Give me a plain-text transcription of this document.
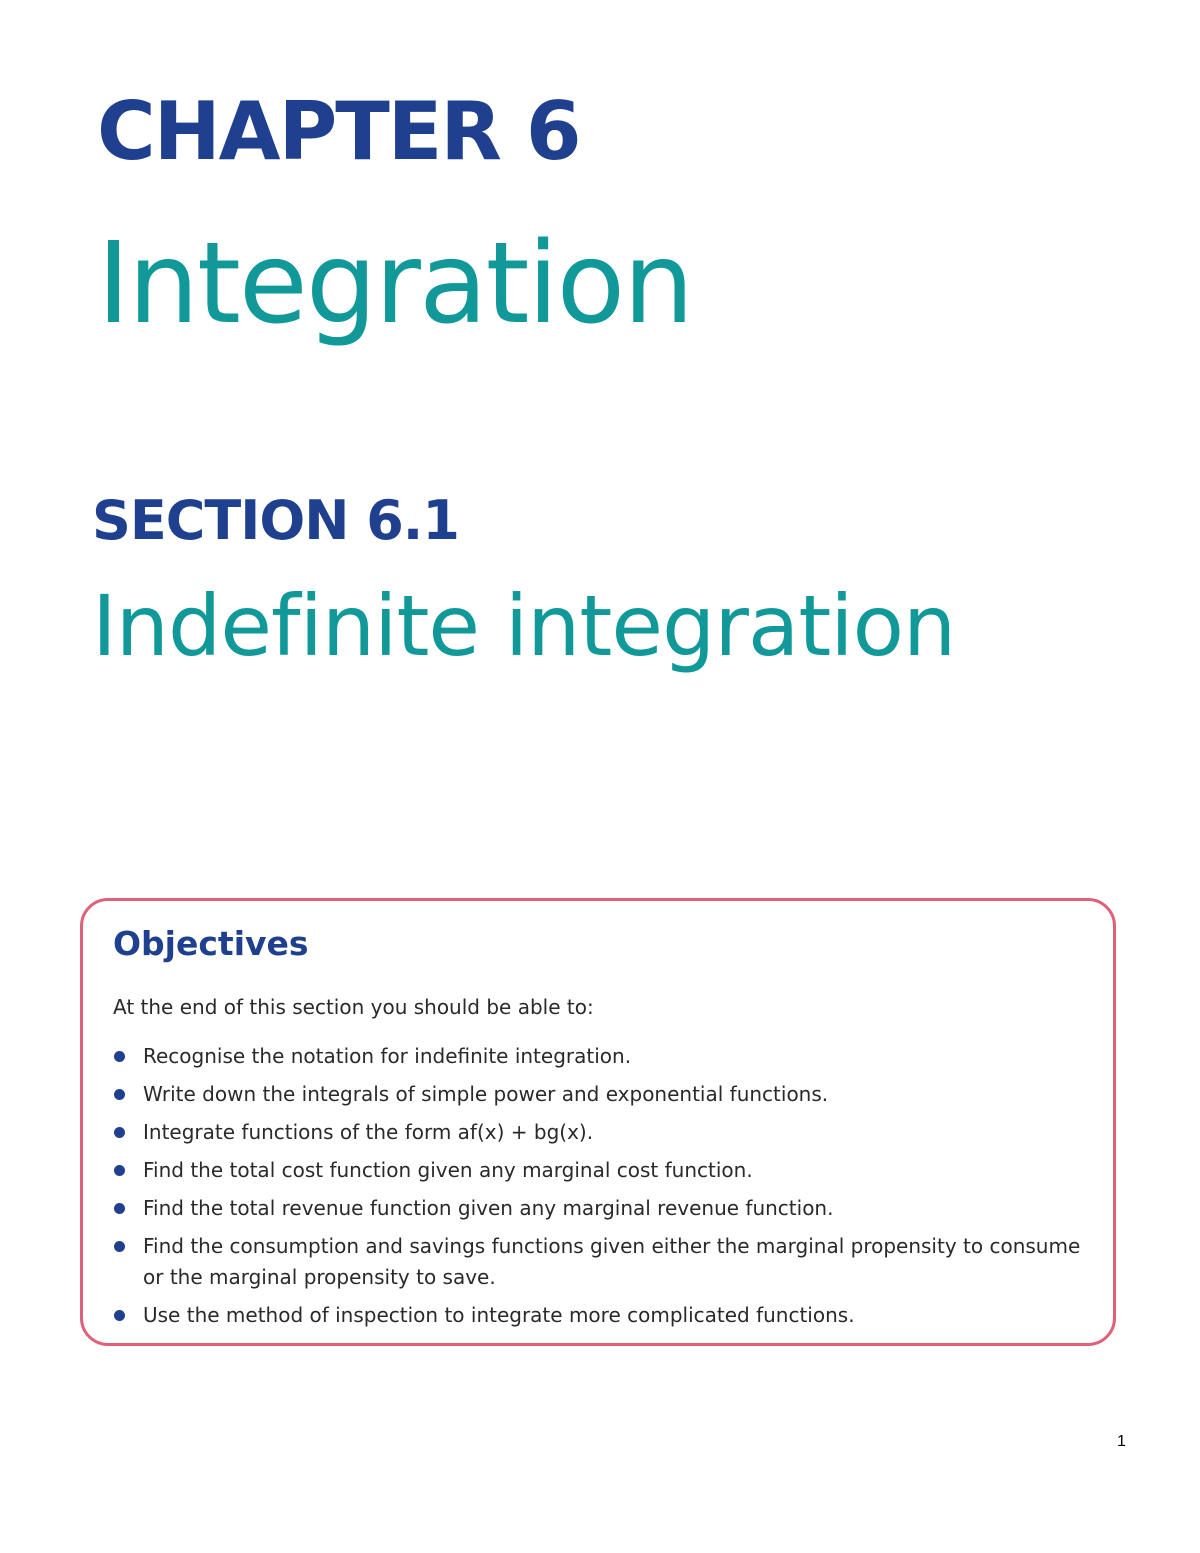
CHAPTER 6
Integration
SECTION 6.1
Indefinite integration
Objectives
At the end of this section you should be able to:
Recognise the notation for indefinite integration.
Write down the integrals of simple power and exponential functions.
Integrate functions of the form af(x) + bg(x).
Find the total cost function given any marginal cost function.
Find the total revenue function given any marginal revenue function.
Find the consumption and savings functions given either the marginal propensity to consume or the marginal propensity to save.
Use the method of inspection to integrate more complicated functions.
1
